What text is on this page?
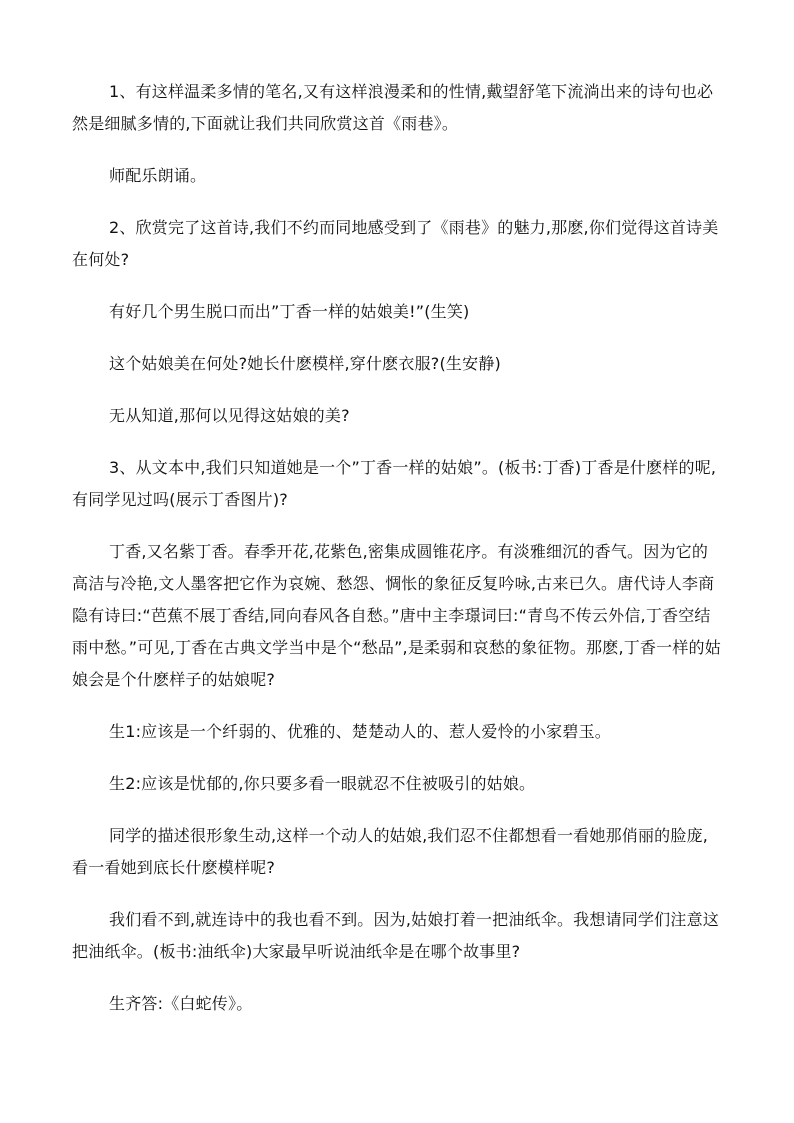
1、有这样温柔多情的笔名,又有这样浪漫柔和的性情,戴望舒笔下流淌出来的诗句也必然是细腻多情的,下面就让我们共同欣赏这首《雨巷》。

师配乐朗诵。

2、欣赏完了这首诗,我们不约而同地感受到了《雨巷》的魅力,那麽,你们觉得这首诗美在何处?

有好几个男生脱口而出”丁香一样的姑娘美!”(生笑)

这个姑娘美在何处?她长什麽模样,穿什麽衣服?(生安静)

无从知道,那何以见得这姑娘的美?

3、从文本中,我们只知道她是一个”丁香一样的姑娘”。(板书:丁香)丁香是什麽样的呢,有同学见过吗(展示丁香图片)?

丁香,又名紫丁香。春季开花,花紫色,密集成圆锥花序。有淡雅细沉的香气。因为它的高洁与冷艳,文人墨客把它作为哀婉、愁怨、惆怅的象征反复吟咏,古来已久。唐代诗人李商隐有诗曰:“芭蕉不展丁香结,同向春风各自愁。”唐中主李璟词曰:“青鸟不传云外信,丁香空结雨中愁。”可见,丁香在古典文学当中是个“愁品”,是柔弱和哀愁的象征物。那麽,丁香一样的姑娘会是个什麽样子的姑娘呢?

生1:应该是一个纤弱的、优雅的、楚楚动人的、惹人爱怜的小家碧玉。

生2:应该是忧郁的,你只要多看一眼就忍不住被吸引的姑娘。

同学的描述很形象生动,这样一个动人的姑娘,我们忍不住都想看一看她那俏丽的脸庞,看一看她到底长什麽模样呢?

我们看不到,就连诗中的我也看不到。因为,姑娘打着一把油纸伞。我想请同学们注意这把油纸伞。(板书:油纸伞)大家最早听说油纸伞是在哪个故事里?

生齐答:《白蛇传》。
